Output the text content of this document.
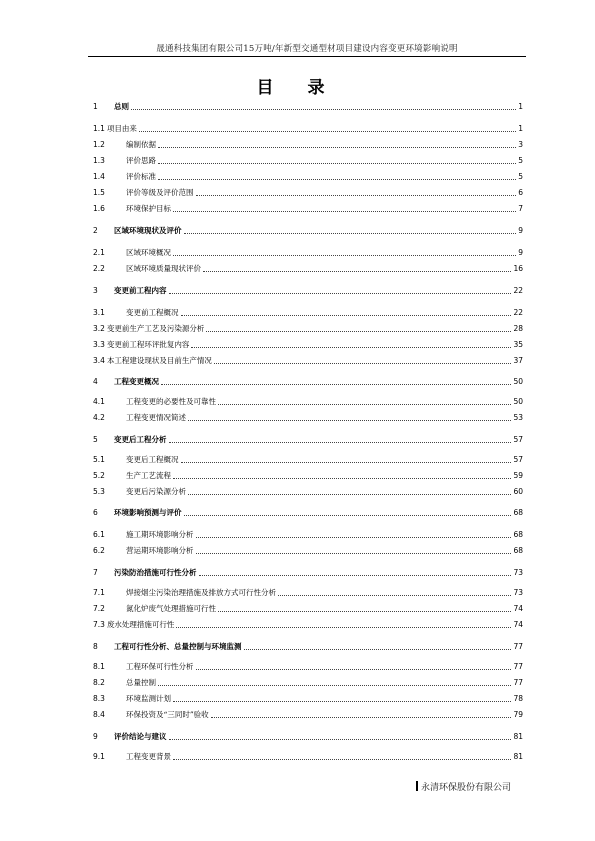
晟通科技集团有限公司15万吨/年新型交通型材项目建设内容变更环境影响说明
目 录
1	总则	1
1.1 项目由来	1
1.2	编制依据	3
1.3	评价思路	5
1.4	评价标准	5
1.5	评价等级及评价范围	6
1.6	环境保护目标	7
2	区域环境现状及评价	9
2.1	区域环境概况	9
2.2	区域环境质量现状评价	16
3	变更前工程内容	22
3.1	变更前工程概况	22
3.2 变更前生产工艺及污染源分析	28
3.3 变更前工程环评批复内容	35
3.4 本工程建设现状及目前生产情况	37
4	工程变更概况	50
4.1	工程变更的必要性及可靠性	50
4.2	工程变更情况简述	53
5	变更后工程分析	57
5.1	变更后工程概况	57
5.2	生产工艺流程	59
5.3	变更后污染源分析	60
6	环境影响预测与评价	68
6.1	施工期环境影响分析	68
6.2	营运期环境影响分析	68
7	污染防治措施可行性分析	73
7.1	焊接烟尘污染治理措施及排放方式可行性分析	73
7.2	氮化炉废气处理措施可行性	74
7.3 废水处理措施可行性	74
8	工程可行性分析、总量控制与环境监测	77
8.1	工程环保可行性分析	77
8.2	总量控制	77
8.3	环境监测计划	78
8.4	环保投资及“三同时”验收	79
9	评价结论与建议	81
9.1	工程变更背景	81
永清环保股份有限公司
